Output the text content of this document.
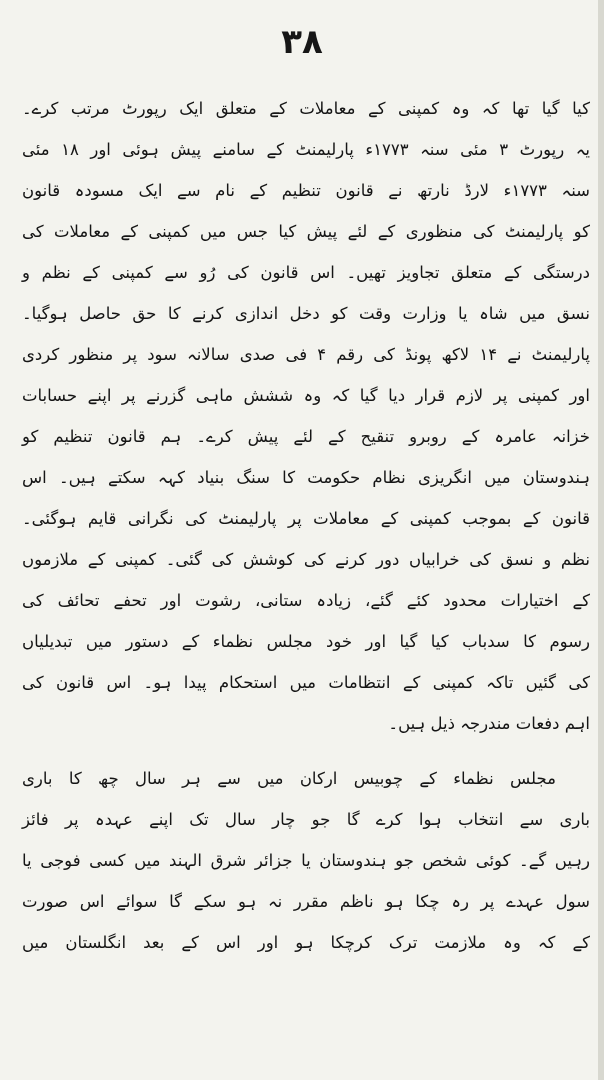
۳۸
کیا گیا تھا کہ وہ کمپنی کے معاملات کے متعلق ایک رپورٹ مرتب کرے۔
یہ رپورٹ ۳ مئی سنہ ۱۷۷۳ء پارلیمنٹ کے سامنے پیش ہوئی اور ۱۸ مئی
سنہ ۱۷۷۳ء لارڈ نارتھ نے قانون تنظیم کے نام سے ایک مسودہ قانون
کو پارلیمنٹ کی منظوری کے لئے پیش کیا جس میں کمپنی کے معاملات کی
درستگی کے متعلق تجاویز تھیں۔ اس قانون کی رُو سے کمپنی کے نظم و
نسق میں شاہ یا وزارت وقت کو دخل اندازی کرنے کا حق حاصل ہوگیا۔
پارلیمنٹ نے ۱۴ لاکھ پونڈ کی رقم ۴ فی صدی سالانہ سود پر منظور کردی
اور کمپنی پر لازم قرار دیا گیا کہ وہ ششش ماہی گزرنے پر اپنے حسابات
خزانہ عامرہ کے روبرو تنقیح کے لئے پیش کرے۔ ہم قانون تنظیم کو
ہندوستان میں انگریزی نظام حکومت کا سنگ بنیاد کہہ سکتے ہیں۔ اس
قانون کے بموجب کمپنی کے معاملات پر پارلیمنٹ کی نگرانی قایم ہوگئی۔
نظم و نسق کی خرابیاں دور کرنے کی کوشش کی گئی۔ کمپنی کے ملازموں
کے اختیارات محدود کئے گئے، زیادہ ستانی، رشوت اور تحفے تحائف کی
رسوم کا سدباب کیا گیا اور خود مجلس نظماء کے دستور میں تبدیلیاں
کی گئیں تاکہ کمپنی کے انتظامات میں استحکام پیدا ہو۔ اس قانون کی
اہم دفعات مندرجہ ذیل ہیں۔
مجلس نظماء کے چوبیس ارکان میں سے ہر سال چھ کا باری
باری سے انتخاب ہوا کرے گا جو چار سال تک اپنے عہدہ پر فائز
رہیں گے۔ کوئی شخص جو ہندوستان یا جزائر شرق الہند میں کسی فوجی یا
سول عہدے پر رہ چکا ہو ناظم مقرر نہ ہو سکے گا سوائے اس صورت
کے کہ وہ ملازمت ترک کرچکا ہو اور اس کے بعد انگلستان میں
